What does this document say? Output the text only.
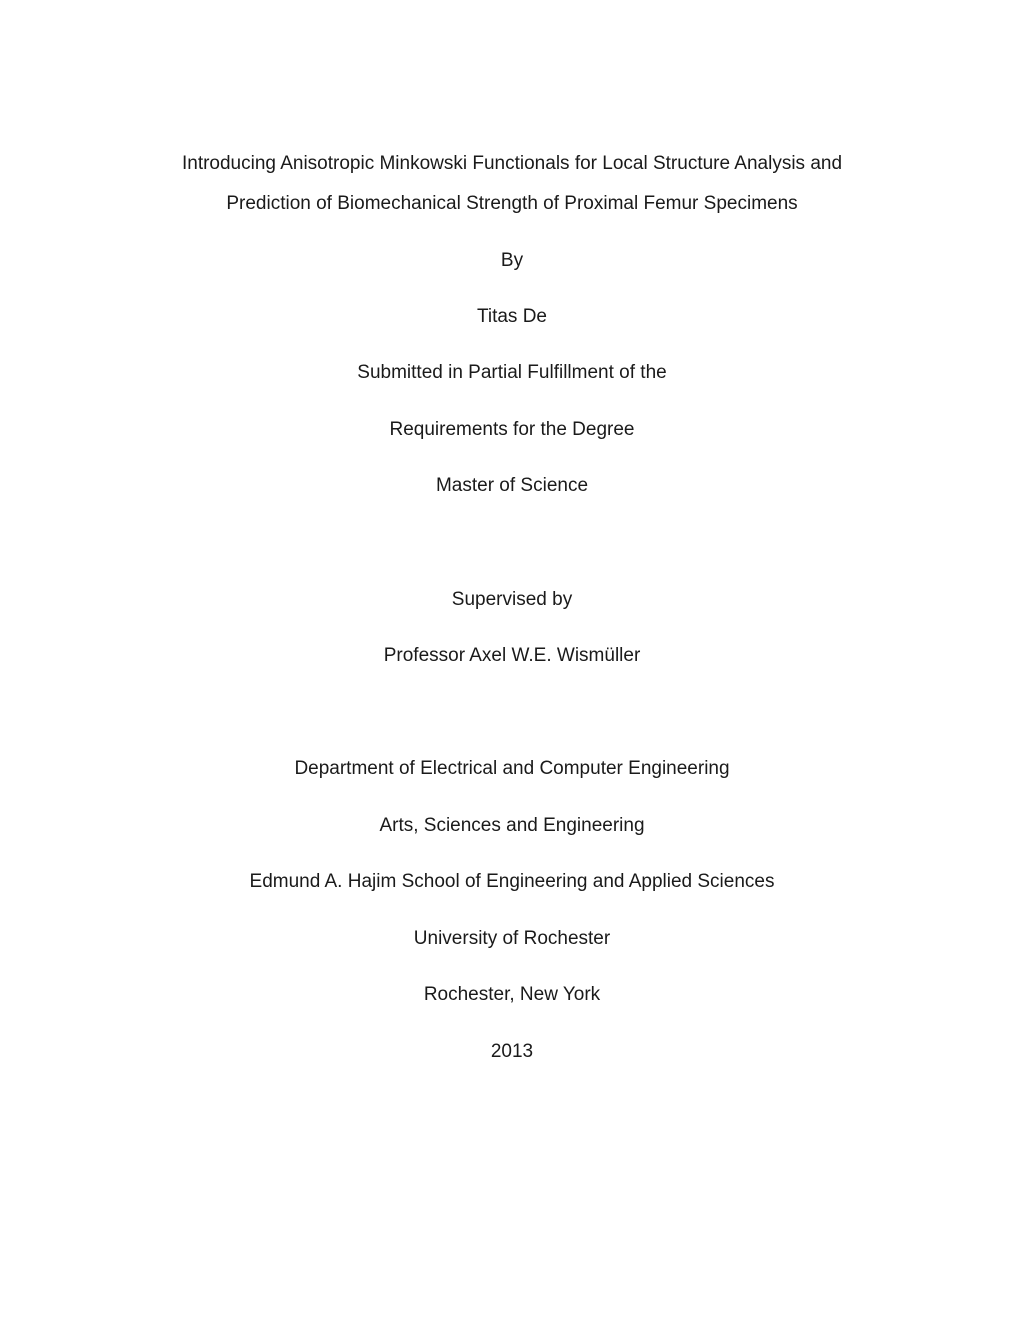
Introducing Anisotropic Minkowski Functionals for Local Structure Analysis and
Prediction of Biomechanical Strength of Proximal Femur Specimens
By
Titas De
Submitted in Partial Fulfillment of the
Requirements for the Degree
Master of Science
Supervised by
Professor Axel W.E. Wismüller
Department of Electrical and Computer Engineering
Arts, Sciences and Engineering
Edmund A. Hajim School of Engineering and Applied Sciences
University of Rochester
Rochester, New York
2013
